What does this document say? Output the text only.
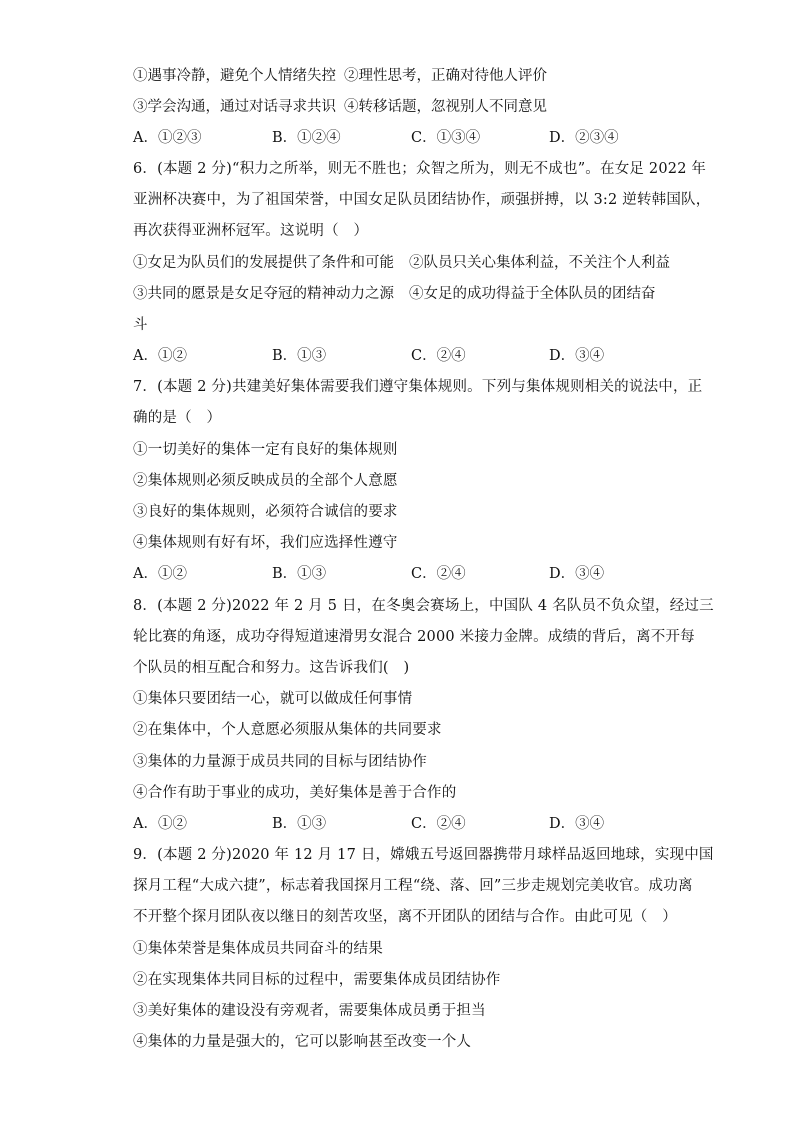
①遇事冷静，避免个人情绪失控 ②理性思考，正确对待他人评价
③学会沟通，通过对话寻求共识 ④转移话题，忽视别人不同意见
A．①②③	B．①②④	C．①③④	D．②③④
6．(本题 2 分)“积力之所举，则无不胜也；众智之所为，则无不成也”。在女足 2022 年
亚洲杯决赛中，为了祖国荣誉，中国女足队员团结协作，顽强拼搏，以 3:2 逆转韩国队，
再次获得亚洲杯冠军。这说明（　）
①女足为队员们的发展提供了条件和可能 ②队员只关心集体利益，不关注个人利益
③共同的愿景是女足夺冠的精神动力之源 ④女足的成功得益于全体队员的团结奋
斗
A．①②	B．①③	C．②④	D．③④
7．(本题 2 分)共建美好集体需要我们遵守集体规则。下列与集体规则相关的说法中，正
确的是（　）
①一切美好的集体一定有良好的集体规则
②集体规则必须反映成员的全部个人意愿
③良好的集体规则，必须符合诚信的要求
④集体规则有好有坏，我们应选择性遵守
A．①②	B．①③	C．②④	D．③④
8．(本题 2 分)2022 年 2 月 5 日，在冬奥会赛场上，中国队 4 名队员不负众望，经过三
轮比赛的角逐，成功夺得短道速滑男女混合 2000 米接力金牌。成绩的背后，离不开每
个队员的相互配合和努力。这告诉我们(　)
①集体只要团结一心，就可以做成任何事情
②在集体中，个人意愿必须服从集体的共同要求
③集体的力量源于成员共同的目标与团结协作
④合作有助于事业的成功，美好集体是善于合作的
A．①②	B．①③	C．②④	D．③④
9．(本题 2 分)2020 年 12 月 17 日，嫦娥五号返回器携带月球样品返回地球，实现中国
探月工程“大成六捷”，标志着我国探月工程“绕、落、回”三步走规划完美收官。成功离
不开整个探月团队夜以继日的刻苦攻坚，离不开团队的团结与合作。由此可见（　）
①集体荣誉是集体成员共同奋斗的结果
②在实现集体共同目标的过程中，需要集体成员团结协作
③美好集体的建设没有旁观者，需要集体成员勇于担当
④集体的力量是强大的，它可以影响甚至改变一个人
